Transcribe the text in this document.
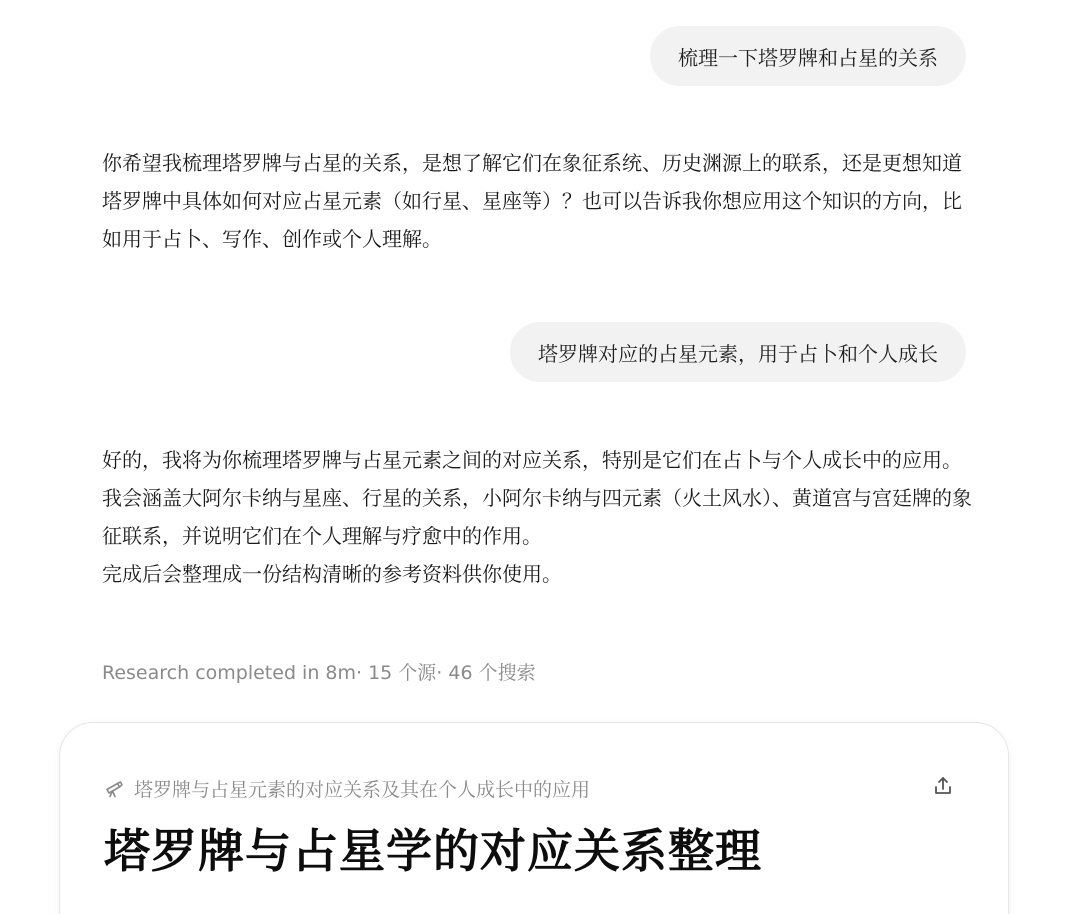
梳理一下塔罗牌和占星的关系

你希望我梳理塔罗牌与占星的关系，是想了解它们在象征系统、历史渊源上的联系，还是更想知道塔罗牌中具体如何对应占星元素（如行星、星座等）？也可以告诉我你想应用这个知识的方向，比如用于占卜、写作、创作或个人理解。

塔罗牌对应的占星元素，用于占卜和个人成长

好的，我将为你梳理塔罗牌与占星元素之间的对应关系，特别是它们在占卜与个人成长中的应用。

我会涵盖大阿尔卡纳与星座、行星的关系，小阿尔卡纳与四元素（火土风水）、黄道宫与宫廷牌的象征联系，并说明它们在个人理解与疗愈中的作用。

完成后会整理成一份结构清晰的参考资料供你使用。

Research completed in 8m· 15 个源· 46 个搜索
塔罗牌与占星元素的对应关系及其在个人成长中的应用
塔罗牌与占星学的对应关系整理
